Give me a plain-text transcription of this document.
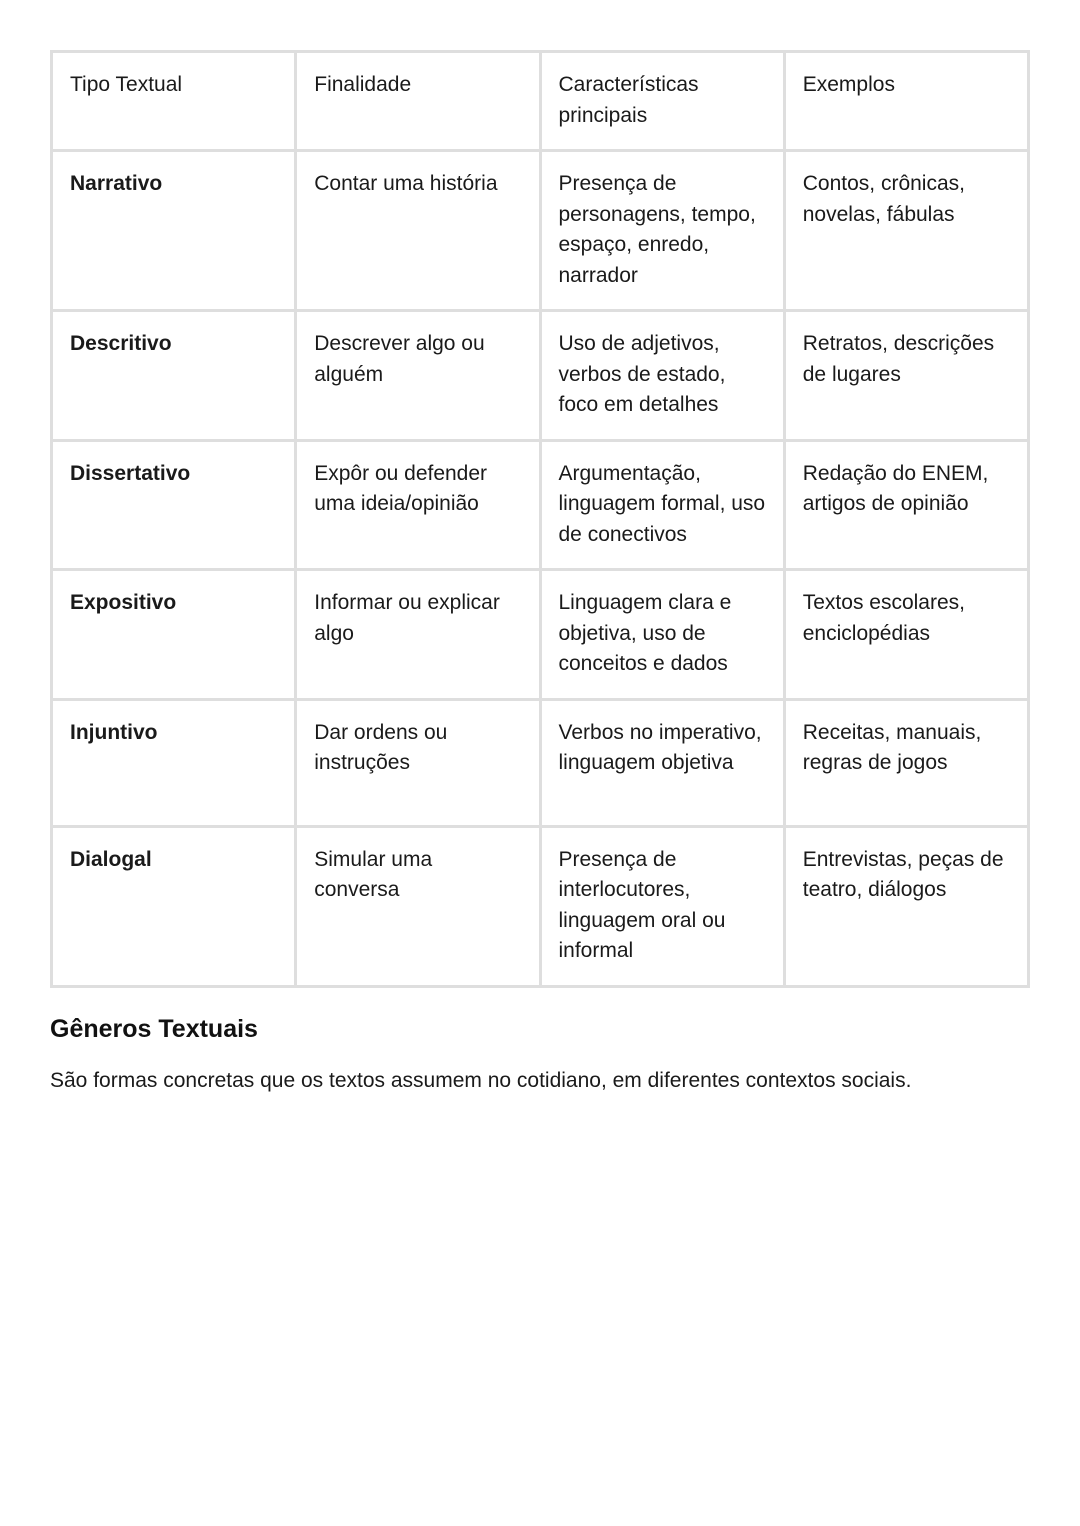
Tipo Textual	Finalidade	Características principais	Exemplos
Narrativo	Contar uma história	Presença de personagens, tempo, espaço, enredo, narrador	Contos, crônicas, novelas, fábulas
Descritivo	Descrever algo ou alguém	Uso de adjetivos, verbos de estado, foco em detalhes	Retratos, descrições de lugares
Dissertativo	Expôr ou defender uma ideia/opinião	Argumentação, linguagem formal, uso de conectivos	Redação do ENEM, artigos de opinião
Expositivo	Informar ou explicar algo	Linguagem clara e objetiva, uso de conceitos e dados	Textos escolares, enciclopédias
Injuntivo	Dar ordens ou instruções	Verbos no imperativo, linguagem objetiva	Receitas, manuais, regras de jogos
Dialogal	Simular uma conversa	Presença de interlocutores, linguagem oral ou informal	Entrevistas, peças de teatro, diálogos
Gêneros Textuais

São formas concretas que os textos assumem no cotidiano, em diferentes contextos sociais.
